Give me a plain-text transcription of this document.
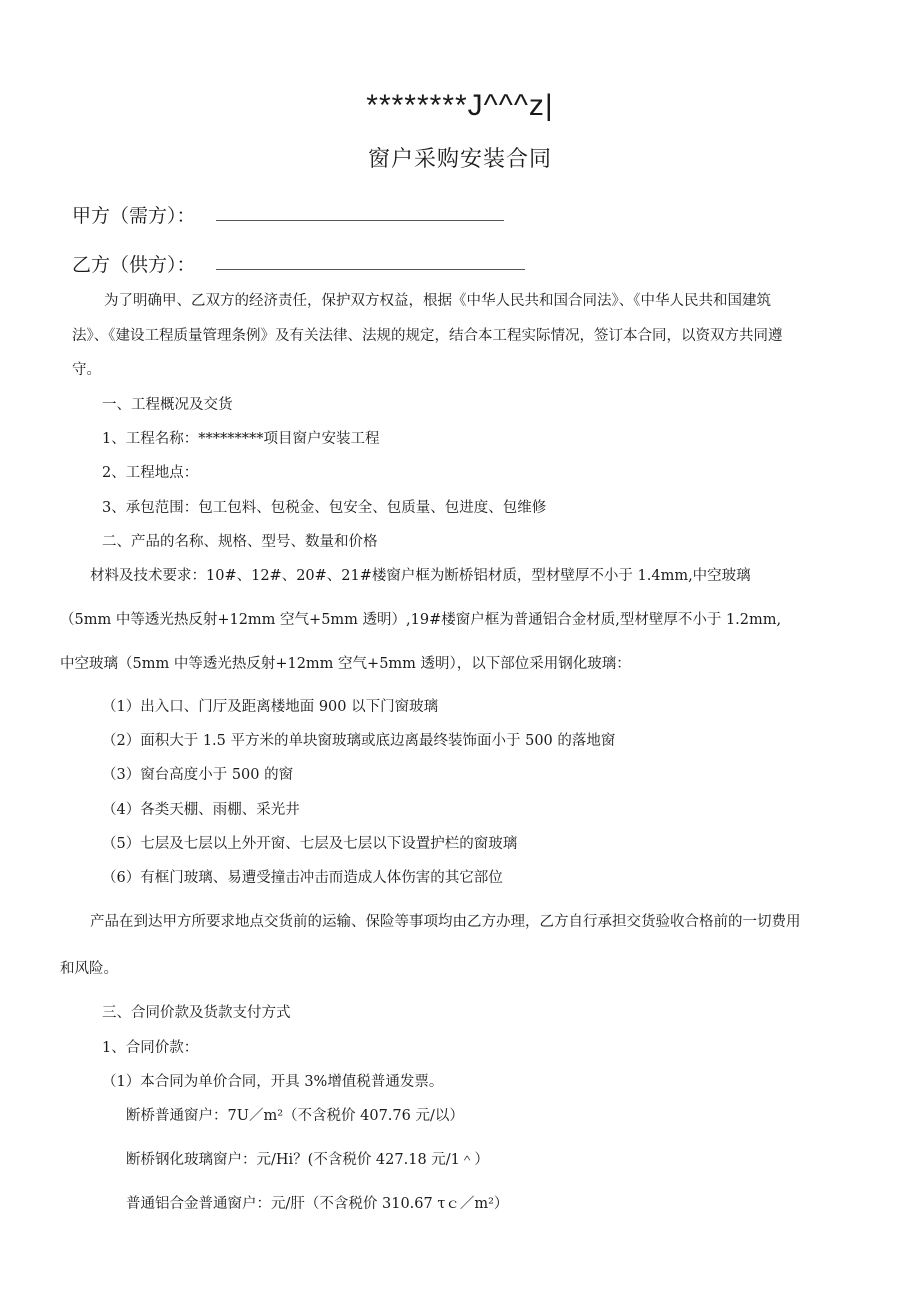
********J^^^z|
窗户采购安装合同
甲方（需方）：
乙方（供方）：
为了明确甲、乙双方的经济责任，保护双方权益，根据《中华人民共和国合同法》、《中华人民共和国建筑
法》、《建设工程质量管理条例》及有关法律、法规的规定，结合本工程实际情况，签订本合同，以资双方共同遵
守。
一、工程概况及交货
1、工程名称：*********项目窗户安装工程
2、工程地点：
3、承包范围：包工包料、包税金、包安全、包质量、包进度、包维修
二、产品的名称、规格、型号、数量和价格
材料及技术要求：10#、12#、20#、21#楼窗户框为断桥铝材质，型材壁厚不小于 1.4mm,中空玻璃
（5mm 中等透光热反射+12mm 空气+5mm 透明）,19#楼窗户框为普通铝合金材质,型材壁厚不小于 1.2mm,
中空玻璃（5mm 中等透光热反射+12mm 空气+5mm 透明），以下部位采用钢化玻璃：
（1）出入口、门厅及距离楼地面 900 以下门窗玻璃
（2）面积大于 1.5 平方米的单块窗玻璃或底边离最终装饰面小于 500 的落地窗
（3）窗台高度小于 500 的窗
（4）各类天棚、雨棚、采光井
（5）七层及七层以上外开窗、七层及七层以下设置护栏的窗玻璃
（6）有框门玻璃、易遭受撞击冲击而造成人体伤害的其它部位
产品在到达甲方所要求地点交货前的运输、保险等事项均由乙方办理，乙方自行承担交货验收合格前的一切费用
和风险。
三、合同价款及货款支付方式
1、合同价款：
（1）本合同为单价合同，开具 3%增值税普通发票。
断桥普通窗户：7U／m²（不含税价 407.76 元/以）
断桥钢化玻璃窗户：元/Hi？(不含税价 427.18 元/1＾）
普通铝合金普通窗户：元/肝（不含税价 310.67 τｃ／m²）
